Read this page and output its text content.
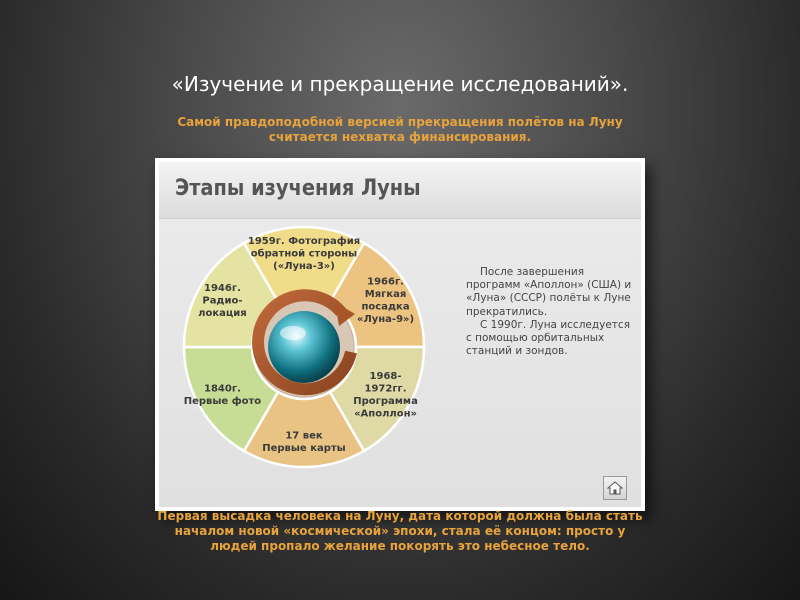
«Изучение и прекращение исследований».
Самой правдоподобной версией прекращения полётов на Луну считается нехватка финансирования.
Этапы изучения Луны
1959г. Фотография обратной стороны («Луна-3»)
1966г. Мягкая посадка «Луна-9»)
1968-1972гг. Программа «Аполлон»
17 век Первые карты
1840г. Первые фото
1946г. Радио-локация

После завершения программ «Аполлон» (США) и «Луна» (СССР) полёты к Луне прекратились.

С 1990г. Луна исследуется с помощью орбитальных станций и зондов.

Первая высадка человека на Луну, дата которой должна была стать началом новой «космической» эпохи, стала её концом: просто у людей пропало желание покорять это небесное тело.
